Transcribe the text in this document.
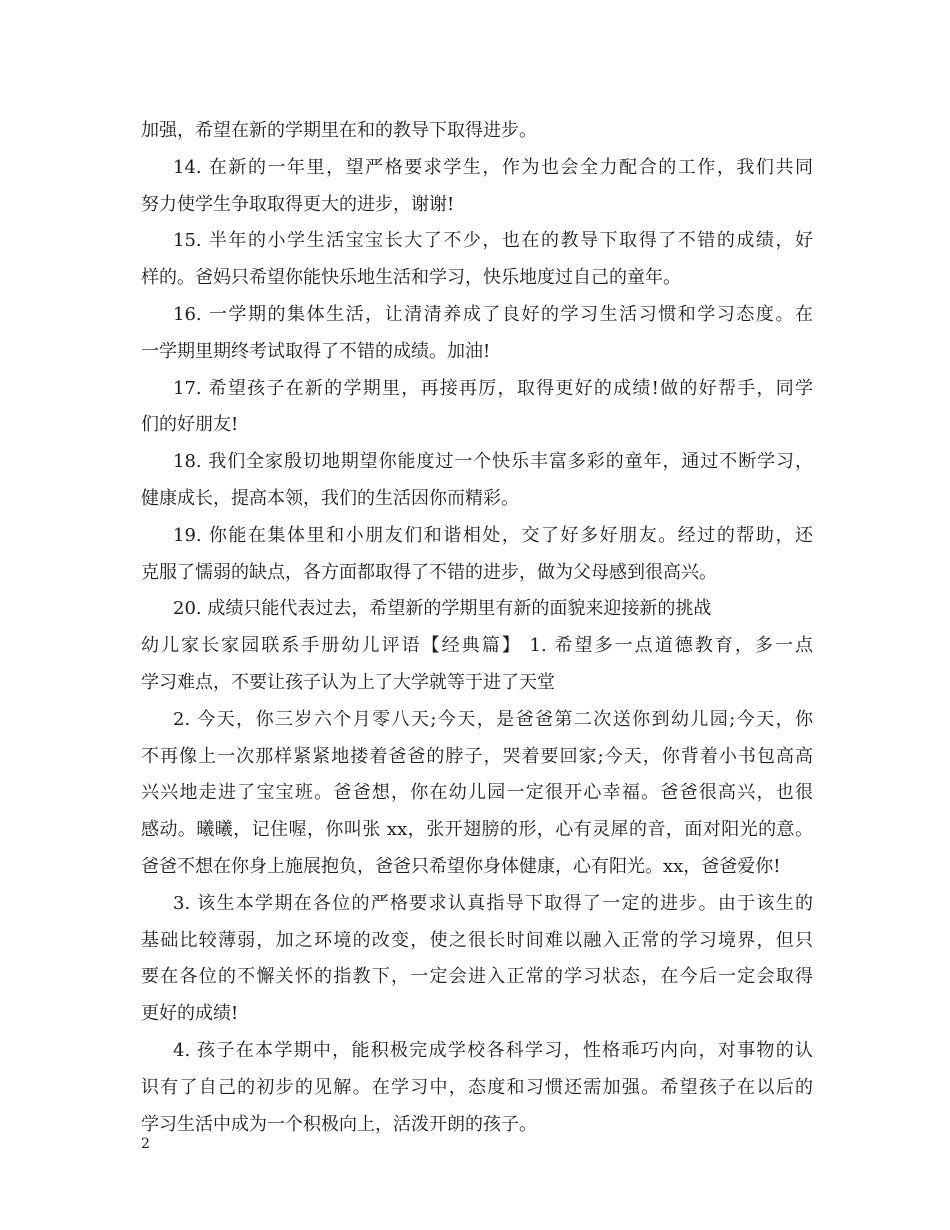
加强，希望在新的学期里在和的教导下取得进步。
14. 在新的一年里，望严格要求学生，作为也会全力配合的工作，我们共同
努力使学生争取取得更大的进步，谢谢!
15. 半年的小学生活宝宝长大了不少，也在的教导下取得了不错的成绩，好
样的。爸妈只希望你能快乐地生活和学习，快乐地度过自己的童年。
16. 一学期的集体生活，让清清养成了良好的学习生活习惯和学习态度。在
一学期里期终考试取得了不错的成绩。加油!
17. 希望孩子在新的学期里，再接再厉，取得更好的成绩!做的好帮手，同学
们的好朋友!
18. 我们全家殷切地期望你能度过一个快乐丰富多彩的童年，通过不断学习，
健康成长，提高本领，我们的生活因你而精彩。
19. 你能在集体里和小朋友们和谐相处，交了好多好朋友。经过的帮助，还
克服了懦弱的缺点，各方面都取得了不错的进步，做为父母感到很高兴。
20. 成绩只能代表过去，希望新的学期里有新的面貌来迎接新的挑战
幼儿家长家园联系手册幼儿评语【经典篇】 1. 希望多一点道德教育，多一点
学习难点，不要让孩子认为上了大学就等于进了天堂
2. 今天，你三岁六个月零八天;今天，是爸爸第二次送你到幼儿园;今天，你
不再像上一次那样紧紧地搂着爸爸的脖子，哭着要回家;今天，你背着小书包高高
兴兴地走进了宝宝班。爸爸想，你在幼儿园一定很开心幸福。爸爸很高兴，也很
感动。曦曦，记住喔，你叫张 xx，张开翅膀的形，心有灵犀的音，面对阳光的意。
爸爸不想在你身上施展抱负，爸爸只希望你身体健康，心有阳光。xx，爸爸爱你!
3. 该生本学期在各位的严格要求认真指导下取得了一定的进步。由于该生的
基础比较薄弱，加之环境的改变，使之很长时间难以融入正常的学习境界，但只
要在各位的不懈关怀的指教下，一定会进入正常的学习状态，在今后一定会取得
更好的成绩!
4. 孩子在本学期中，能积极完成学校各科学习，性格乖巧内向，对事物的认
识有了自己的初步的见解。在学习中，态度和习惯还需加强。希望孩子在以后的
学习生活中成为一个积极向上，活泼开朗的孩子。
2
